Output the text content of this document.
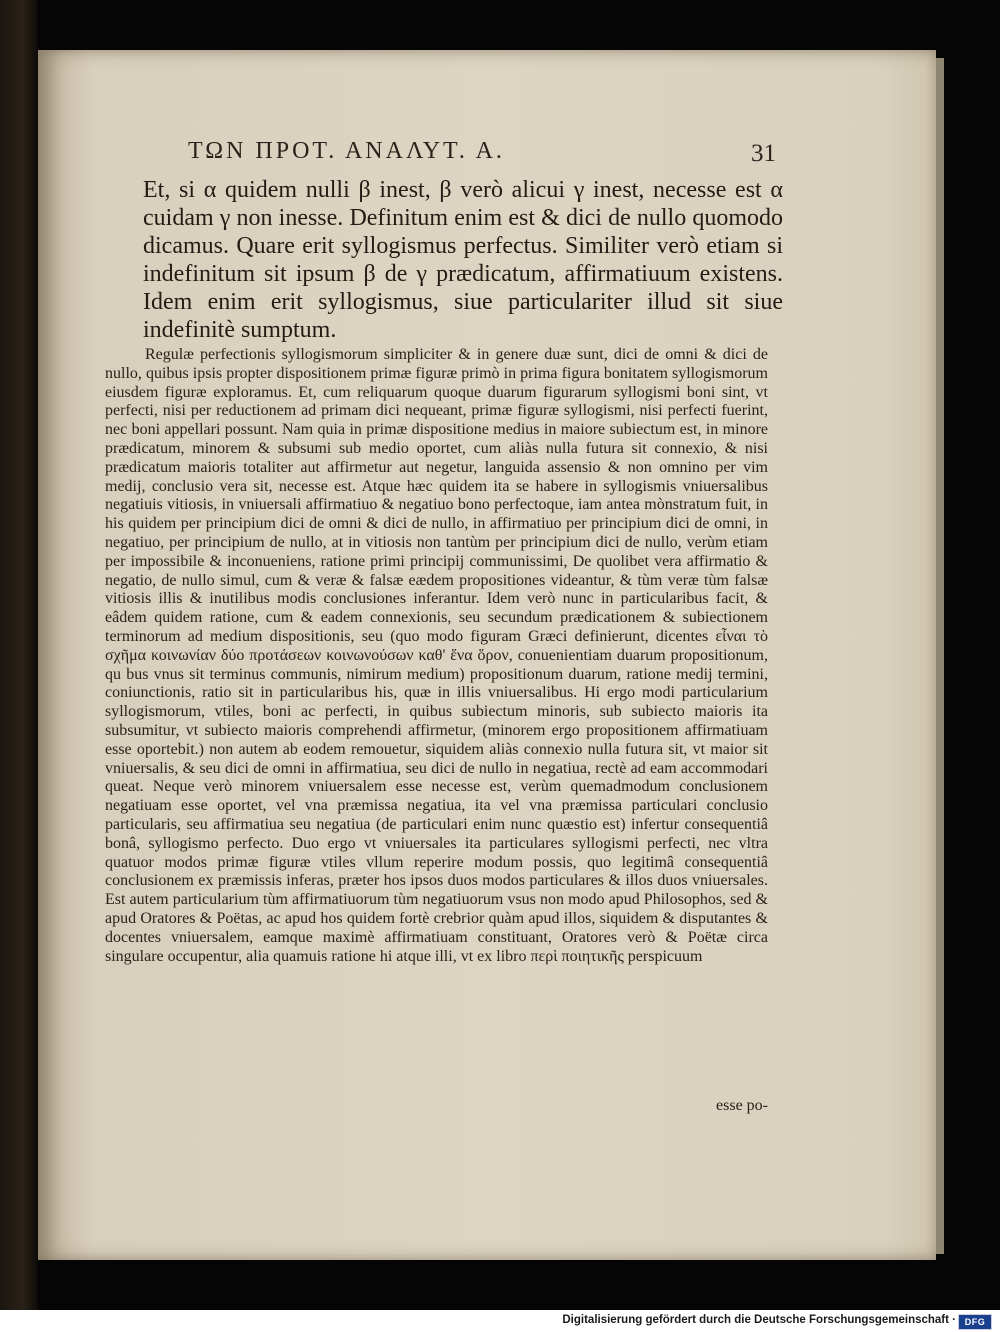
ΤΩΝ ΠΡΟΤ. ΑΝΑΛΥΤ. Α.	31

Et, si α quidem nulli β inest, β verò alicui γ inest, necesse est α cuidam γ non inesse. Definitum enim est & dici de nullo quomodo dicamus. Quare erit syllogismus perfectus. Similiter verò etiam si indefinitum sit ipsum β de γ prædicatum, affirmatiuum existens. Idem enim erit syllogismus, siue particulariter illud sit siue indefinitè sumptum.

Regulæ perfectionis syllogismorum simpliciter & in genere duæ sunt, dici de omni & dici de nullo, quibus ipsis propter dispositionem primæ figuræ primò in prima figura bonitatem syllogismorum eiusdem figuræ exploramus. Et, cum reliquarum quoque duarum figurarum syllogismi boni sint, vt perfecti, nisi per reductionem ad primam dici nequeant, primæ figuræ syllogismi, nisi perfecti fuerint, nec boni appellari possunt. Nam quia in primæ dispositione medius in maiore subiectum est, in minore prædicatum, minorem & subsumi sub medio oportet, cum aliàs nulla futura sit connexio, & nisi prædicatum maioris totaliter aut affirmetur aut negetur, languida assensio & non omnino per vim medij, conclusio vera sit, necesse est. Atque hæc quidem ita se habere in syllogismis vniuersalibus negatiuis vitiosis, in vniuersali affirmatiuo & negatiuo bono perfectoque, iam antea mònstratum fuit, in his quidem per principium dici de omni & dici de nullo, in affirmatiuo per principium dici de omni, in negatiuo, per principium de nullo, at in vitiosis non tantùm per principium dici de nullo, verùm etiam per impossibile & inconueniens, ratione primi principij communissimi, De quolibet vera affirmatio & negatio, de nullo simul, cum & veræ & falsæ eædem propositiones videantur, & tùm veræ tùm falsæ vitiosis illis & inutilibus modis conclusiones inferantur. Idem verò nunc in particularibus facit, & eâdem quidem ratione, cum & eadem connexionis, seu secundum prædicationem & subiectionem terminorum ad medium dispositionis, seu (quo modo figuram Græci definierunt, dicentes εἶναι τὸ σχῆμα κοινωνίαν δύο προτάσεων κοινωνούσων καθ' ἕνα ὅρον, conuenientiam duarum propositionum, qu bus vnus sit terminus communis, nimirum medium) propositionum duarum, ratione medij termini, coniunctionis, ratio sit in particularibus his, quæ in illis vniuersalibus. Hi ergo modi particularium syllogismorum, vtiles, boni ac perfecti, in quibus subiectum minoris, sub subiecto maioris ita subsumitur, vt subiecto maioris comprehendi affirmetur, (minorem ergo propositionem affirmatiuam esse oportebit.) non autem ab eodem remouetur, siquidem aliàs connexio nulla futura sit, vt maior sit vniuersalis, & seu dici de omni in affirmatiua, seu dici de nullo in negatiua, rectè ad eam accommodari queat. Neque verò minorem vniuersalem esse necesse est, verùm quemadmodum conclusionem negatiuam esse oportet, vel vna præmissa negatiua, ita vel vna præmissa particulari conclusio particularis, seu affirmatiua seu negatiua (de particulari enim nunc quæstio est) infertur consequentiâ bonâ, syllogismo perfecto. Duo ergo vt vniuersales ita particulares syllogismi perfecti, nec vltra quatuor modos primæ figuræ vtiles vllum reperire modum possis, quo legitimâ consequentiâ conclusionem ex præmissis inferas, præter hos ipsos duos modos particulares & illos duos vniuersales. Est autem particularium tùm affirmatiuorum tùm negatiuorum vsus non modo apud Philosophos, sed & apud Oratores & Poëtas, ac apud hos quidem fortè crebrior quàm apud illos, siquidem & disputantes & docentes vniuersalem, eamque maximè affirmatiuam constituant, Oratores verò & Poëtæ circa singulare occupentur, alia quamuis ratione hi atque illi, vt ex libro περὶ ποιητικῆς perspicuum

esse po-
Digitalisierung gefördert durch die Deutsche Forschungsgemeinschaft · DFG
